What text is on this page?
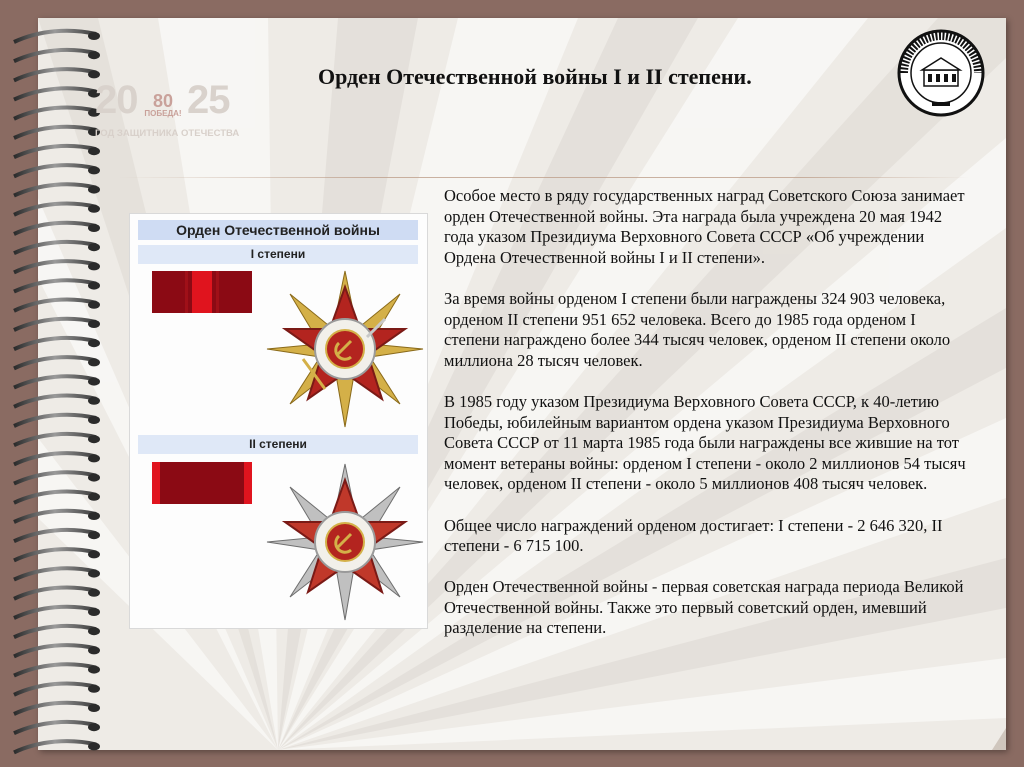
20 80
ПОБЕДА! 25
ГОД ЗАЩИТНИКА ОТЕЧЕСТВА
Орден Отечественной войны I и II степени.
Орден Отечественной войны
I степени
II степени

Особое место в ряду государственных наград Советского Союза занимает орден Отечественной войны. Эта награда была учреждена 20 мая 1942 года указом Президиума Верховного Совета СССР «Об учреждении Ордена Отечественной войны I и II степени».

За время войны орденом I степени были награждены 324 903 человека, орденом II степени 951 652 человека. Всего до 1985 года орденом I степени награждено более 344 тысяч человек, орденом II степени около миллиона 28 тысяч человек.

В 1985 году указом Президиума Верховного Совета СССР, к 40-летию Победы, юбилейным вариантом ордена указом Президиума Верховного Совета СССР от 11 марта 1985 года были награждены все жившие на тот момент ветераны войны: орденом I степени - около 2 миллионов 54 тысяч человек, орденом II степени - около 5 миллионов 408 тысяч человек.

Общее число награждений орденом достигает: I степени - 2 646 320, II степени - 6 715 100.

Орден Отечественной войны - первая советская награда периода Великой Отечественной войны. Также это первый советский орден, имевший разделение на степени.
